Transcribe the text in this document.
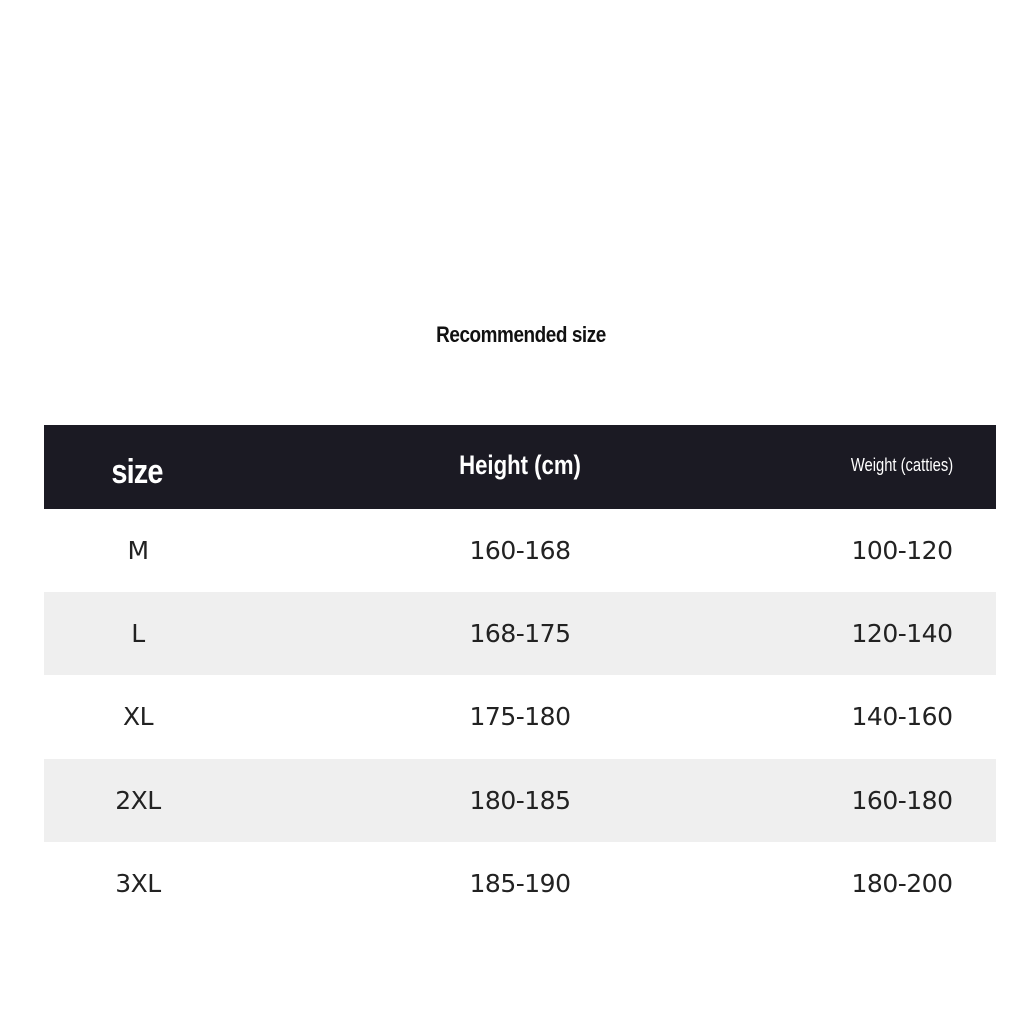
Recommended size
size	Height (cm)	Weight (catties)
M	160-168	100-120
L	168-175	120-140
XL	175-180	140-160
2XL	180-185	160-180
3XL	185-190	180-200
